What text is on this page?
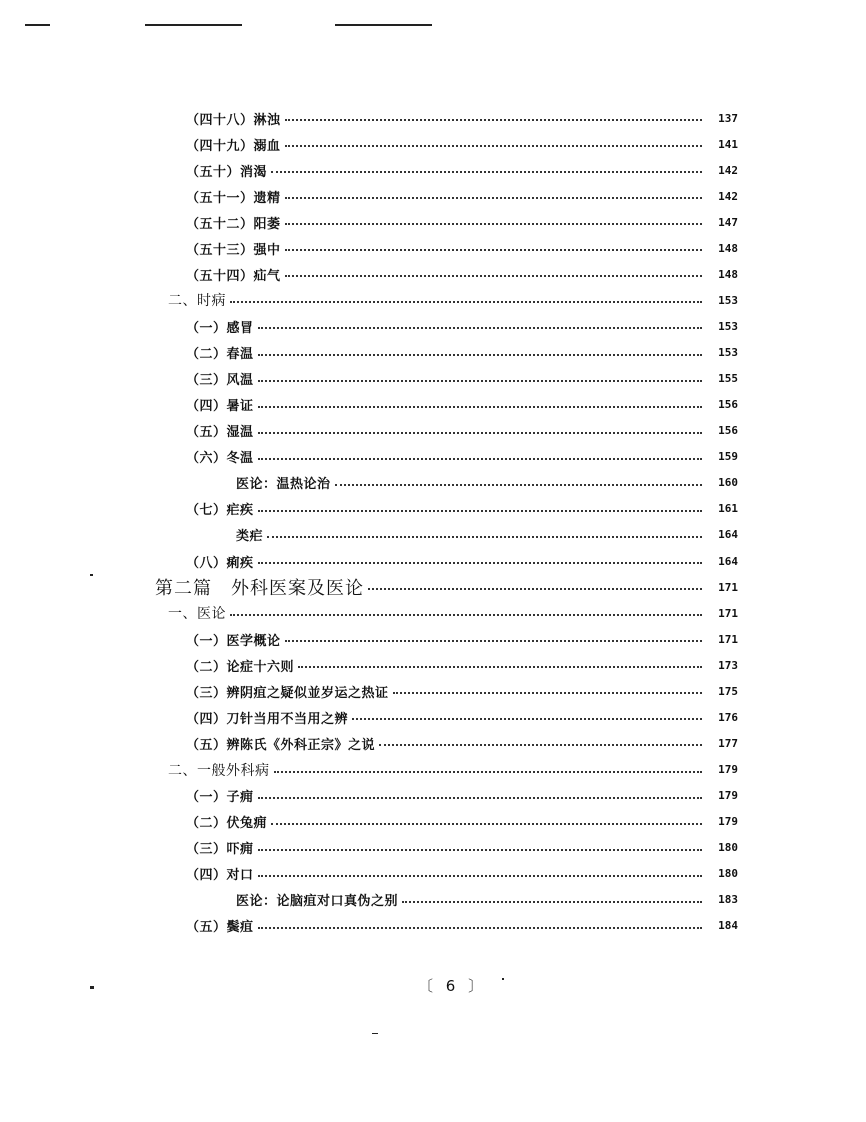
（四十八）淋浊	137
（四十九）溺血	141
（五十）消渴	142
（五十一）遗精	142
（五十二）阳萎	147
（五十三）强中	148
（五十四）疝气	148
二、时病	153
（一）感冒	153
（二）春温	153
（三）风温	155
（四）暑证	156
（五）湿温	156
（六）冬温	159
医论：温热论治	160
（七）疟疾	161
类疟	164
（八）痢疾	164
第二篇　外科医案及医论	171
一、医论	171
（一）医学概论	171
（二）论症十六则	173
（三）辨阴疽之疑似並岁运之热证	175
（四）刀针当用不当用之辨	176
（五）辨陈氏《外科正宗》之说	177
二、一般外科病	179
（一）子痈	179
（二）伏兔痈	179
（三）吓痈	180
（四）对口	180
医论：论脑疽对口真伪之别	183
（五）鬓疽	184
〔 6 〕
